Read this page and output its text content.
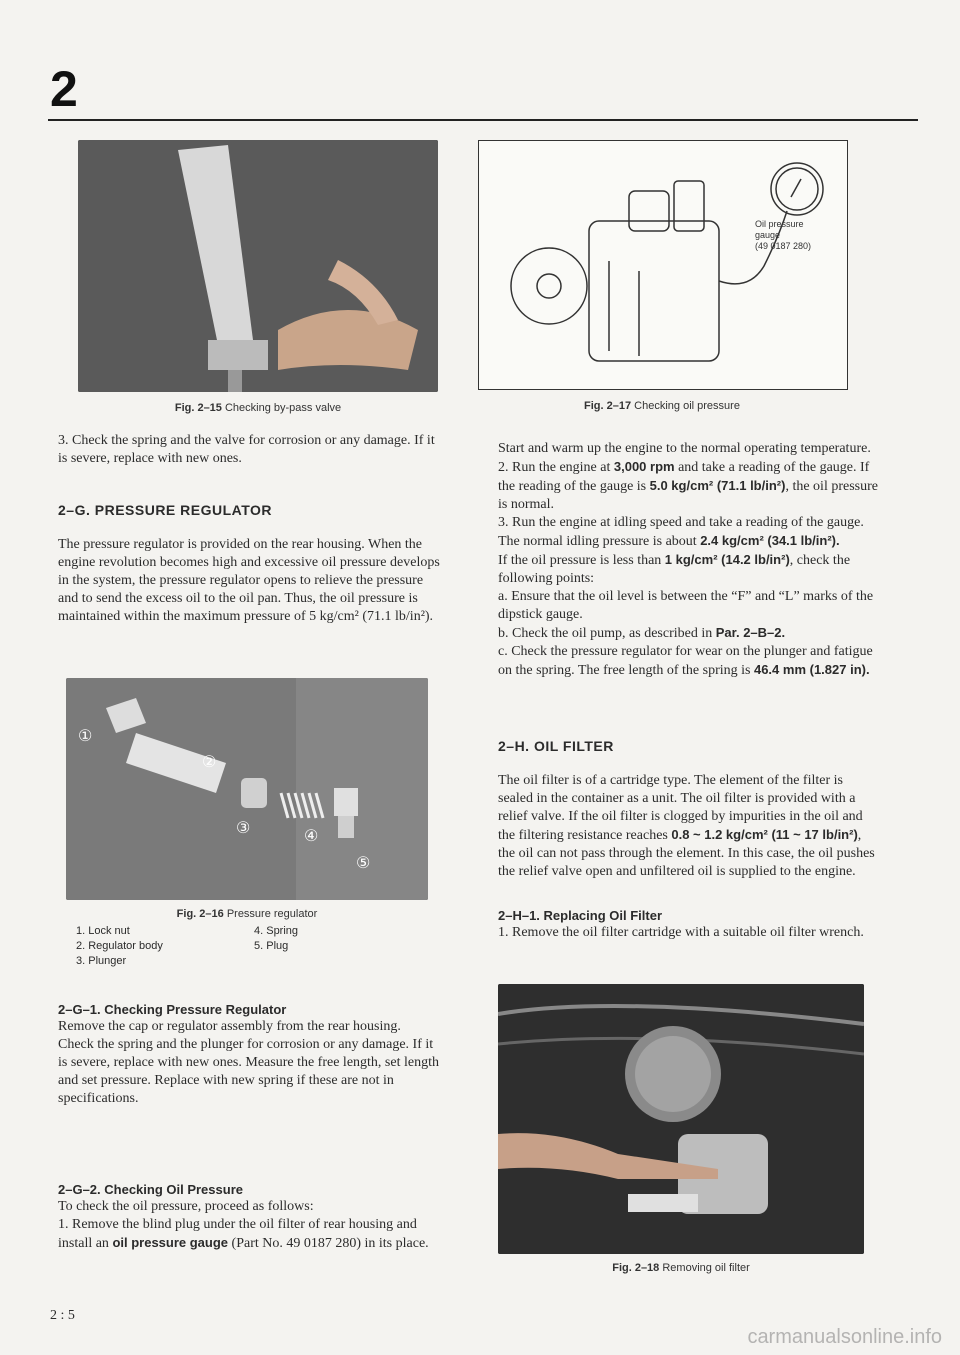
2
Fig. 2–15 Checking by-pass valve

3. Check the spring and the valve for corrosion or any damage. If it is severe, replace with new ones.

2–G. PRESSURE REGULATOR

The pressure regulator is provided on the rear housing. When the engine revolution becomes high and excessive oil pressure develops in the system, the pressure regulator opens to relieve the pressure and to send the excess oil to the oil pan. Thus, the oil pressure is maintained within the maximum pressure of 5 kg/cm² (71.1 lb/in²).

①
②
③	④
⑤
Fig. 2–16 Pressure regulator
1. Lock nut
2. Regulator body
3. Plunger
4. Spring
5. Plug
2–G–1. Checking Pressure Regulator

Remove the cap or regulator assembly from the rear housing. Check the spring and the plunger for corrosion or any damage. If it is severe, replace with new ones. Measure the free length, set length and set pressure. Replace with new spring if these are not in specifications.

2–G–2. Checking Oil Pressure

To check the oil pressure, proceed as follows:

1. Remove the blind plug under the oil filter of rear housing and install an oil pressure gauge (Part No. 49 0187 280) in its place.

2 : 5
Oil pressure
gauge
(49 0187 280)
Fig. 2–17 Checking oil pressure

Start and warm up the engine to the normal operating temperature.

2. Run the engine at 3,000 rpm and take a reading of the gauge. If the reading of the gauge is 5.0 kg/cm² (71.1 lb/in²), the oil pressure is normal.

3. Run the engine at idling speed and take a reading of the gauge. The normal idling pressure is about 2.4 kg/cm² (34.1 lb/in²).

If the oil pressure is less than 1 kg/cm² (14.2 lb/in²), check the following points:

a. Ensure that the oil level is between the “F” and “L” marks of the dipstick gauge.

b. Check the oil pump, as described in Par. 2–B–2.

c. Check the pressure regulator for wear on the plunger and fatigue on the spring. The free length of the spring is 46.4 mm (1.827 in).

2–H. OIL FILTER

The oil filter is of a cartridge type. The element of the filter is sealed in the container as a unit. The oil filter is provided with a relief valve. If the oil filter is clogged by impurities in the oil and the filtering resistance reaches 0.8 ~ 1.2 kg/cm² (11 ~ 17 lb/in²), the oil can not pass through the element. In this case, the oil pushes the relief valve open and unfiltered oil is supplied to the engine.

2–H–1. Replacing Oil Filter

1. Remove the oil filter cartridge with a suitable oil filter wrench.

Fig. 2–18 Removing oil filter
carmanualsonline.info
